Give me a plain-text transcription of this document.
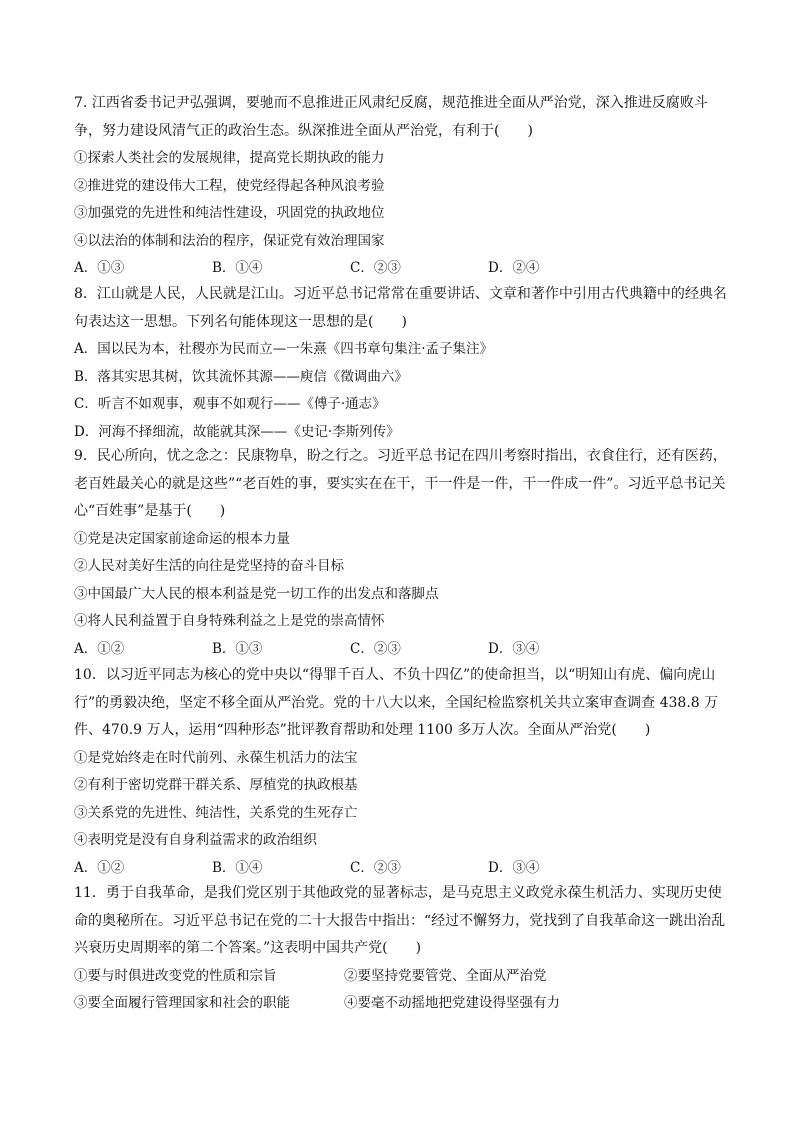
7. 江西省委书记尹弘强调，要驰而不息推进正风肃纪反腐，规范推进全面从严治党，深入推进反腐败斗争，努力建设风清气正的政治生态。纵深推进全面从严治党，有利于(　　)
①探索人类社会的发展规律，提高党长期执政的能力
②推进党的建设伟大工程，使党经得起各种风浪考验
③加强党的先进性和纯洁性建设，巩固党的执政地位
④以法治的体制和法治的程序，保证党有效治理国家
A．①③	B．①④	C．②③	D．②④
8．江山就是人民，人民就是江山。习近平总书记常常在重要讲话、文章和著作中引用古代典籍中的经典名句表达这一思想。下列名句能体现这一思想的是(　　)
A．国以民为本，社稷亦为民而立—一朱熹《四书章句集注·孟子集注》
B．落其实思其树，饮其流怀其源——庾信《徵调曲六》
C．听言不如观事，观事不如观行——《傅子·通志》
D．河海不择细流，故能就其深——《史记·李斯列传》
9．民心所向，忧之念之：民康物阜，盼之行之。习近平总书记在四川考察时指出，衣食住行，还有医药，老百姓最关心的就是这些”“老百姓的事，要实实在在干，干一件是一件，干一件成一件”。习近平总书记关心“百姓事”是基于(　　)
①党是决定国家前途命运的根本力量
②人民对美好生活的向往是党坚持的奋斗目标
③中国最广大人民的根本利益是党一切工作的出发点和落脚点
④将人民利益置于自身特殊利益之上是党的崇高情怀
A．①②	B．①③	C．②③	D．③④
10．以习近平同志为核心的党中央以“得罪千百人、不负十四亿”的使命担当，以“明知山有虎、偏向虎山行”的勇毅决绝，坚定不移全面从严治党。党的十八大以来，全国纪检监察机关共立案审查调查 438.8 万件、470.9 万人，运用“四种形态”批评教育帮助和处理 1100 多万人次。全面从严治党(　　)
①是党始终走在时代前列、永葆生机活力的法宝
②有利于密切党群干群关系、厚植党的执政根基
③关系党的先进性、纯洁性，关系党的生死存亡
④表明党是没有自身利益需求的政治组织
A．①②	B．①④	C．②③	D．③④
11．勇于自我革命，是我们党区别于其他政党的显著标志，是马克思主义政党永葆生机活力、实现历史使命的奥秘所在。习近平总书记在党的二十大报告中指出：“经过不懈努力，党找到了自我革命这一跳出治乱兴衰历史周期率的第二个答案。”这表明中国共产党(　　)
①要与时俱进改变党的性质和宗旨	②要坚持党要管党、全面从严治党
③要全面履行管理国家和社会的职能	④要毫不动摇地把党建设得坚强有力
